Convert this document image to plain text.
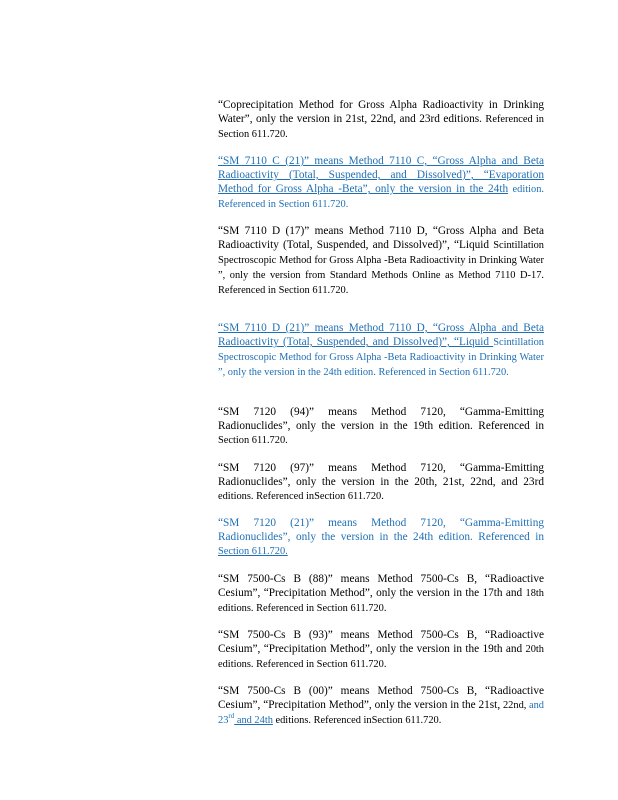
“Coprecipitation Method for Gross Alpha Radioactivity in Drinking Water”, only the version in 21st, 22nd, and 23rd editions. Referenced in Section 611.720.
“SM 7110 C (21)” means Method 7110 C, “Gross Alpha and Beta Radioactivity (Total, Suspended, and Dissolved)”, “Evaporation Method for Gross Alpha -Beta”, only the version in the 24th edition. Referenced in Section 611.720.
“SM 7110 D (17)” means Method 7110 D, “Gross Alpha and Beta Radioactivity (Total, Suspended, and Dissolved)”, “Liquid Scintillation Spectroscopic Method for Gross Alpha -Beta Radioactivity in Drinking Water ”, only the version from Standard Methods Online as Method 7110 D-17. Referenced in Section 611.720.
“SM 7110 D (21)” means Method 7110 D, “Gross Alpha and Beta Radioactivity (Total, Suspended, and Dissolved)”, “Liquid Scintillation Spectroscopic Method for Gross Alpha -Beta Radioactivity in Drinking Water ”, only the version in the 24th edition. Referenced in Section 611.720.
“SM 7120 (94)” means Method 7120, “Gamma-Emitting Radionuclides”, only the version in the 19th edition. Referenced in Section 611.720.
“SM 7120 (97)” means Method 7120, “Gamma-Emitting Radionuclides”, only the version in the 20th, 21st, 22nd, and 23rd editions. Referenced inSection 611.720.
“SM 7120 (21)” means Method 7120, “Gamma-Emitting Radionuclides”, only the version in the 24th edition. Referenced in Section 611.720.
“SM 7500-Cs B (88)” means Method 7500-Cs B, “Radioactive Cesium”, “Precipitation Method”, only the version in the 17th and 18th editions. Referenced in Section 611.720.
“SM 7500-Cs B (93)” means Method 7500-Cs B, “Radioactive Cesium”, “Precipitation Method”, only the version in the 19th and 20th editions. Referenced in Section 611.720.
“SM 7500-Cs B (00)” means Method 7500-Cs B, “Radioactive Cesium”, “Precipitation Method”, only the version in the 21st, 22nd, and 23rd and 24th editions. Referenced inSection 611.720.
